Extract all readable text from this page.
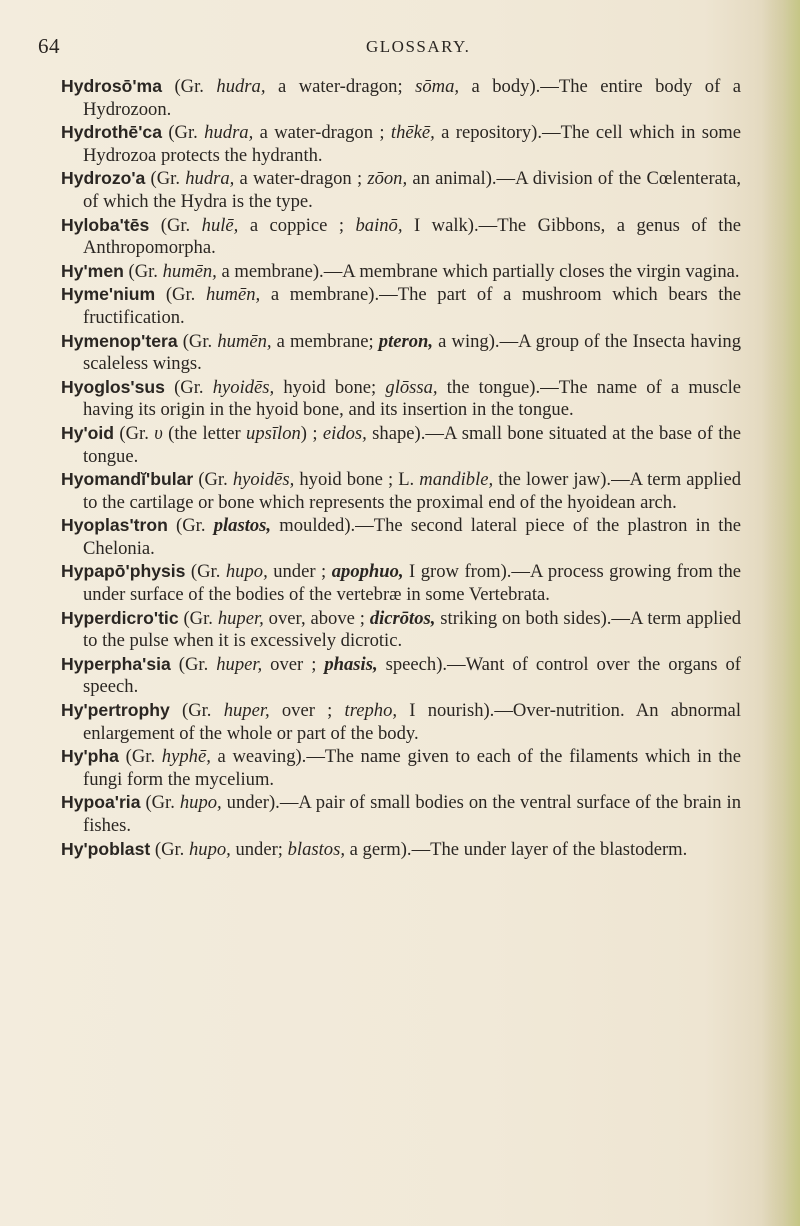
64	GLOSSARY.
Hydrosō'ma (Gr. hudra, a water-dragon; sōma, a body).—The entire body of a Hydrozoon.
Hydrothē'ca (Gr. hudra, a water-dragon ; thēkē, a repository).—The cell which in some Hydrozoa protects the hydranth.
Hydrozo'a (Gr. hudra, a water-dragon ; zōon, an animal).—A division of the Cœlenterata, of which the Hydra is the type.
Hyloba'tēs (Gr. hulē, a coppice ; bainō, I walk).—The Gibbons, a genus of the Anthropomorpha.
Hy'men (Gr. humēn, a membrane).—A membrane which partially closes the virgin vagina.
Hyme'nium (Gr. humēn, a membrane).—The part of a mushroom which bears the fructification.
Hymenop'tera (Gr. humēn, a membrane; pteron, a wing).—A group of the Insecta having scaleless wings.
Hyoglos'sus (Gr. hyoidēs, hyoid bone; glōssa, the tongue).—The name of a muscle having its origin in the hyoid bone, and its insertion in the tongue.
Hy'oid (Gr. υ (the letter upsīlon) ; eidos, shape).—A small bone situated at the base of the tongue.
Hyomandĭ'bular (Gr. hyoidēs, hyoid bone ; L. mandible, the lower jaw).—A term applied to the cartilage or bone which represents the proximal end of the hyoidean arch.
Hyoplas'tron (Gr. plastos, moulded).—The second lateral piece of the plastron in the Chelonia.
Hypapō'physis (Gr. hupo, under ; apophuo, I grow from).—A process growing from the under surface of the bodies of the vertebræ in some Vertebrata.
Hyperdicro'tic (Gr. huper, over, above ; dicrōtos, striking on both sides).—A term applied to the pulse when it is excessively dicrotic.
Hyperpha'sia (Gr. huper, over ; phasis, speech).—Want of control over the organs of speech.
Hy'pertrophy (Gr. huper, over ; trepho, I nourish).—Over-nutrition. An abnormal enlargement of the whole or part of the body.
Hy'pha (Gr. hyphē, a weaving).—The name given to each of the filaments which in the fungi form the mycelium.
Hypoa'ria (Gr. hupo, under).—A pair of small bodies on the ventral surface of the brain in fishes.
Hy'poblast (Gr. hupo, under; blastos, a germ).—The under layer of the blastoderm.
